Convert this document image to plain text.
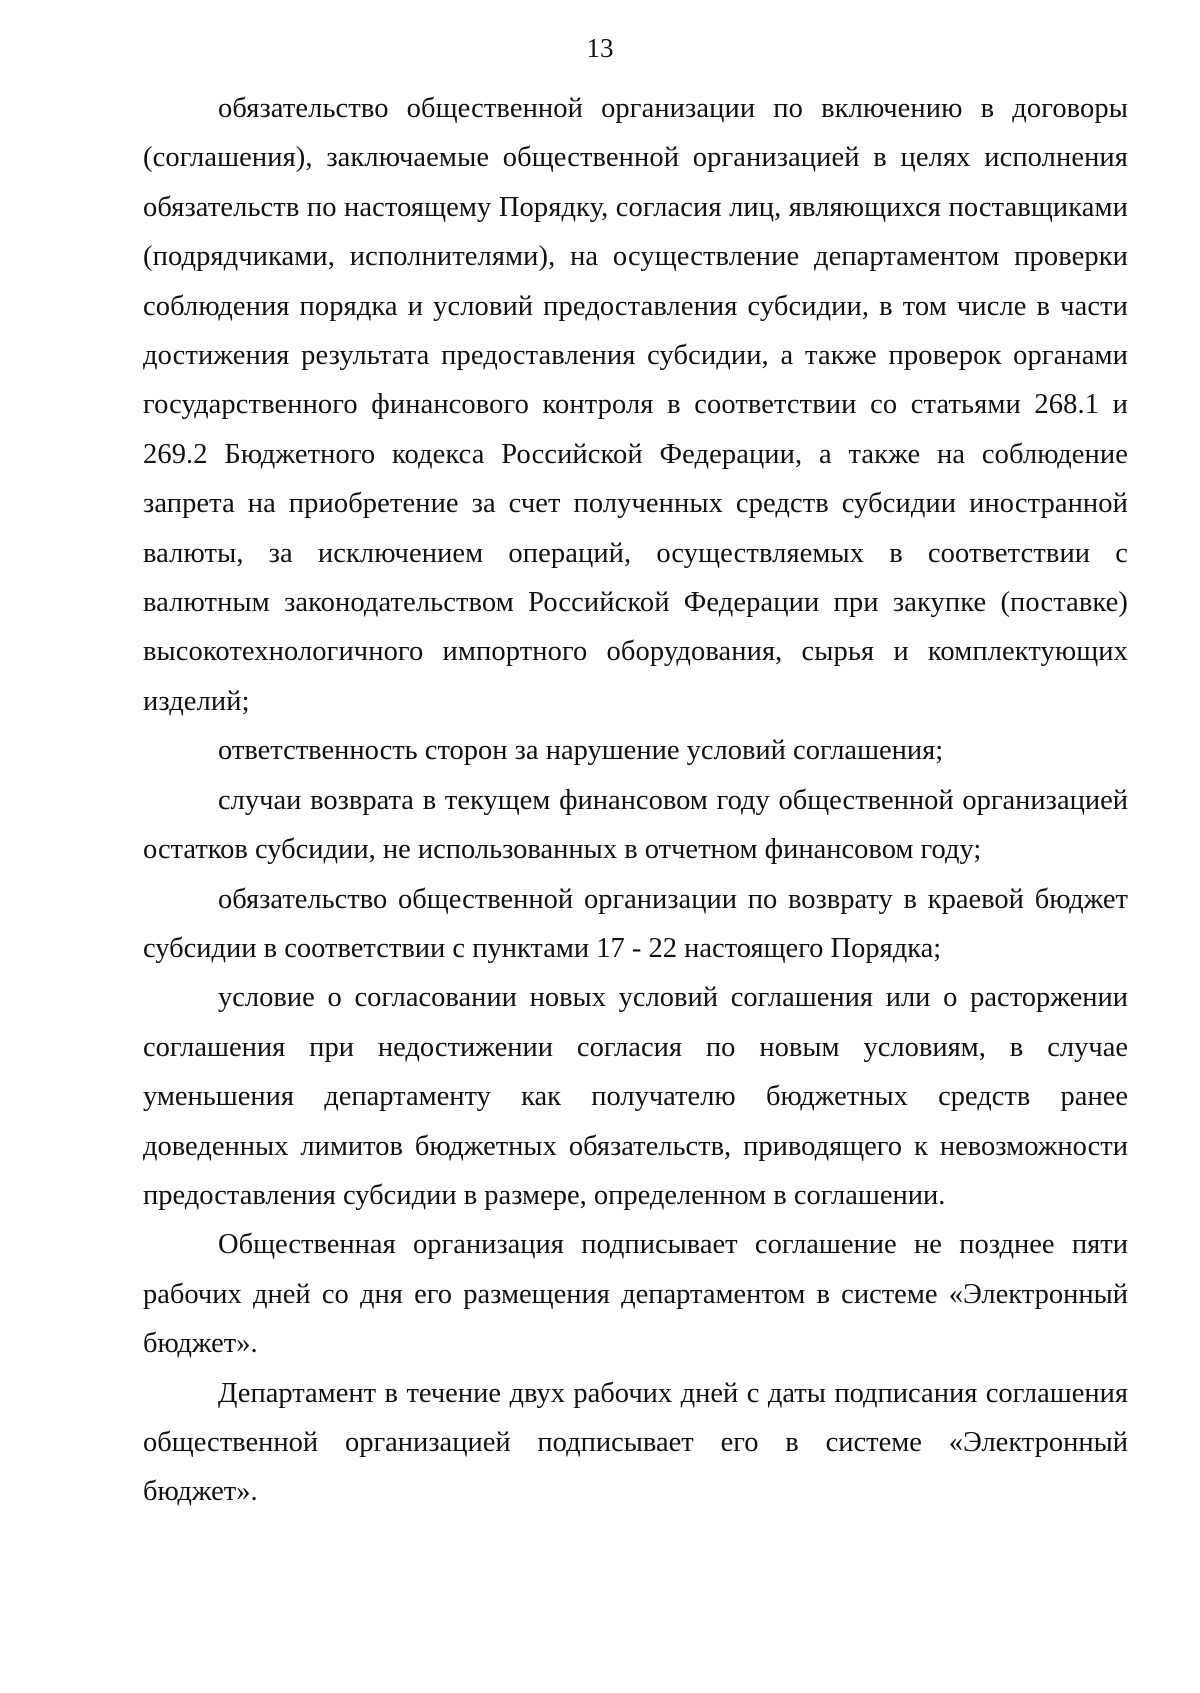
13

обязательство общественной организации по включению в договоры (соглашения), заключаемые общественной организацией в целях исполнения обязательств по настоящему Порядку, согласия лиц, являющихся поставщиками (подрядчиками, исполнителями), на осуществление департаментом проверки соблюдения порядка и условий предоставления субсидии, в том числе в части достижения результата предоставления субсидии, а также проверок органами государственного финансового контроля в соответствии со статьями 268.1 и 269.2 Бюджетного кодекса Российской Федерации, а также на соблюдение запрета на приобретение за счет полученных средств субсидии иностранной валюты, за исключением операций, осуществляемых в соответствии с валютным законодательством Российской Федерации при закупке (поставке) высокотехнологичного импортного оборудования, сырья и комплектующих изделий;

ответственность сторон за нарушение условий соглашения;

случаи возврата в текущем финансовом году общественной организацией остатков субсидии, не использованных в отчетном финансовом году;

обязательство общественной организации по возврату в краевой бюджет субсидии в соответствии с пунктами 17 - 22 настоящего Порядка;

условие о согласовании новых условий соглашения или о расторжении соглашения при недостижении согласия по новым условиям, в случае уменьшения департаменту как получателю бюджетных средств ранее доведенных лимитов бюджетных обязательств, приводящего к невозможности предоставления субсидии в размере, определенном в соглашении.

Общественная организация подписывает соглашение не позднее пяти рабочих дней со дня его размещения департаментом в системе «Электронный бюджет».

Департамент в течение двух рабочих дней с даты подписания соглашения общественной организацией подписывает его в системе «Электронный бюджет».
